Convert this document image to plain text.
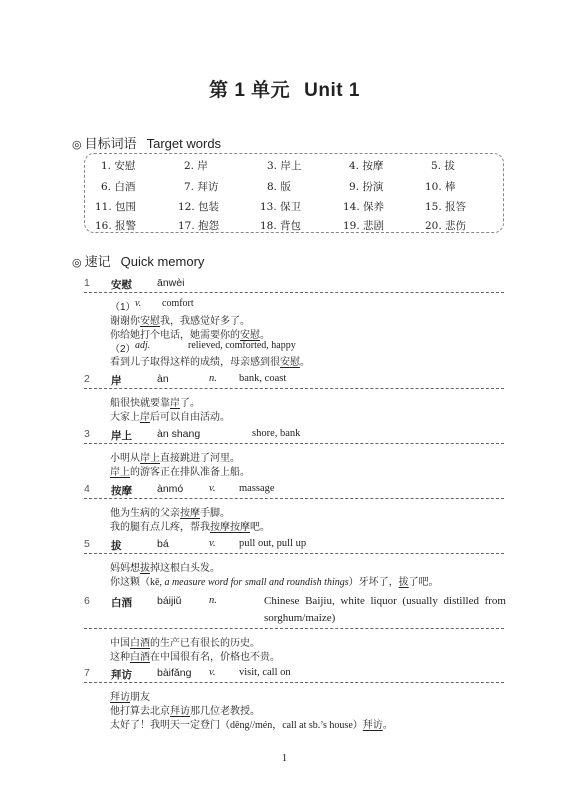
第 1 单元 Unit 1
◎ 目标词语 Target words
1. 安慰	2. 岸	3. 岸上	4. 按摩	5. 拔
6. 白酒	7. 拜访	8. 版	9. 扮演	10. 棒
11. 包围	12. 包装	13. 保卫	14. 保养	15. 报答
16. 报警	17. 抱怨	18. 背包	19. 悲剧	20. 悲伤
◎ 速记 Quick memory
1 安慰 ānwèi
（1） v. comfort
谢谢你安慰我，我感觉好多了。
你给她打个电话，她需要你的安慰。
（2） adj.	relieved, comforted, happy
看到儿子取得这样的成绩，母亲感到很安慰。
2 岸	àn	n. bank, coast
船很快就要靠岸了。
大家上岸后可以自由活动。
3 岸上 àn shang	shore, bank
小明从岸上直接跳进了河里。
岸上的游客正在排队准备上船。
4 按摩 ànmó v. massage
他为生病的父亲按摩手脚。
我的腿有点儿疼，帮我按摩按摩吧。
5 拔	bá	v. pull out, pull up
妈妈想拔掉这根白头发。
你这颗（kē, a measure word for small and roundish things）牙坏了，拔了吧。
6 白酒 báijiǔ	n.	Chinese Baijiu, white liquor (usually distilled from sorghum/maize)
中国白酒的生产已有很长的历史。
这种白酒在中国很有名，价格也不贵。
7 拜访 bàifǎng v. visit, call on
拜访朋友
他打算去北京拜访那几位老教授。
太好了！我明天一定登门（dēng//mén，call at sb.’s house）拜访。
1
